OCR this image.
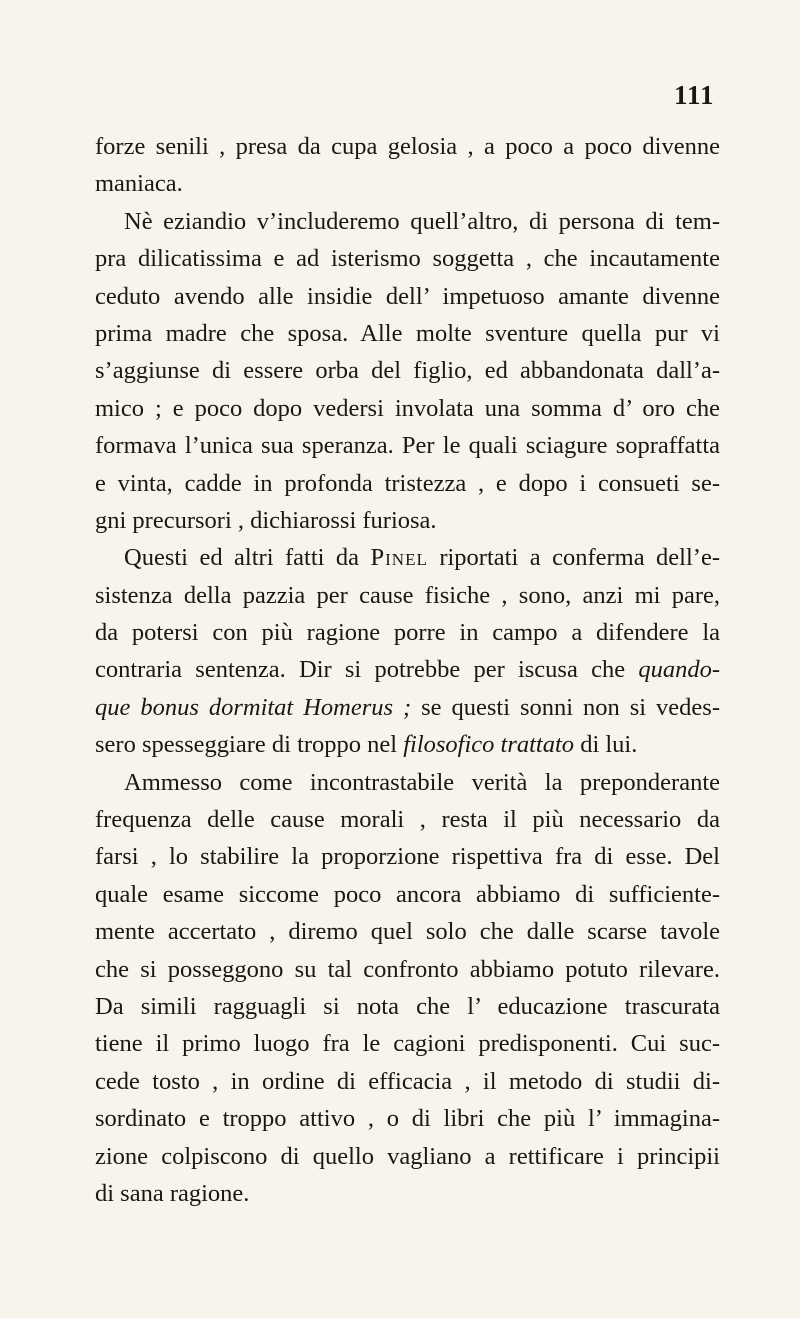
111
forze senili , presa da cupa gelosia , a poco a poco divenne
maniaca.
Nè eziandio v’includeremo quell’altro, di persona di tem-
pra dilicatissima e ad isterismo soggetta , che incautamente
ceduto avendo alle insidie dell’ impetuoso amante divenne
prima madre che sposa. Alle molte sventure quella pur vi
s’aggiunse di essere orba del figlio, ed abbandonata dall’a-
mico ; e poco dopo vedersi involata una somma d’ oro che
formava l’unica sua speranza. Per le quali sciagure sopraffatta
e vinta, cadde in profonda tristezza , e dopo i consueti se-
gni precursori , dichiarossi furiosa.
Questi ed altri fatti da Pinel riportati a conferma dell’e-
sistenza della pazzia per cause fisiche , sono, anzi mi pare,
da potersi con più ragione porre in campo a difendere la
contraria sentenza. Dir si potrebbe per iscusa che quando-
que bonus dormitat Homerus ; se questi sonni non si vedes-
sero spesseggiare di troppo nel filosofico trattato di lui.
Ammesso come incontrastabile verità la preponderante
frequenza delle cause morali , resta il più necessario da
farsi , lo stabilire la proporzione rispettiva fra di esse. Del
quale esame siccome poco ancora abbiamo di sufficiente-
mente accertato , diremo quel solo che dalle scarse tavole
che si posseggono su tal confronto abbiamo potuto rilevare.
Da simili ragguagli si nota che l’ educazione trascurata
tiene il primo luogo fra le cagioni predisponenti. Cui suc-
cede tosto , in ordine di efficacia , il metodo di studii di-
sordinato e troppo attivo , o di libri che più l’ immagina-
zione colpiscono di quello vagliano a rettificare i principii
di sana ragione.
